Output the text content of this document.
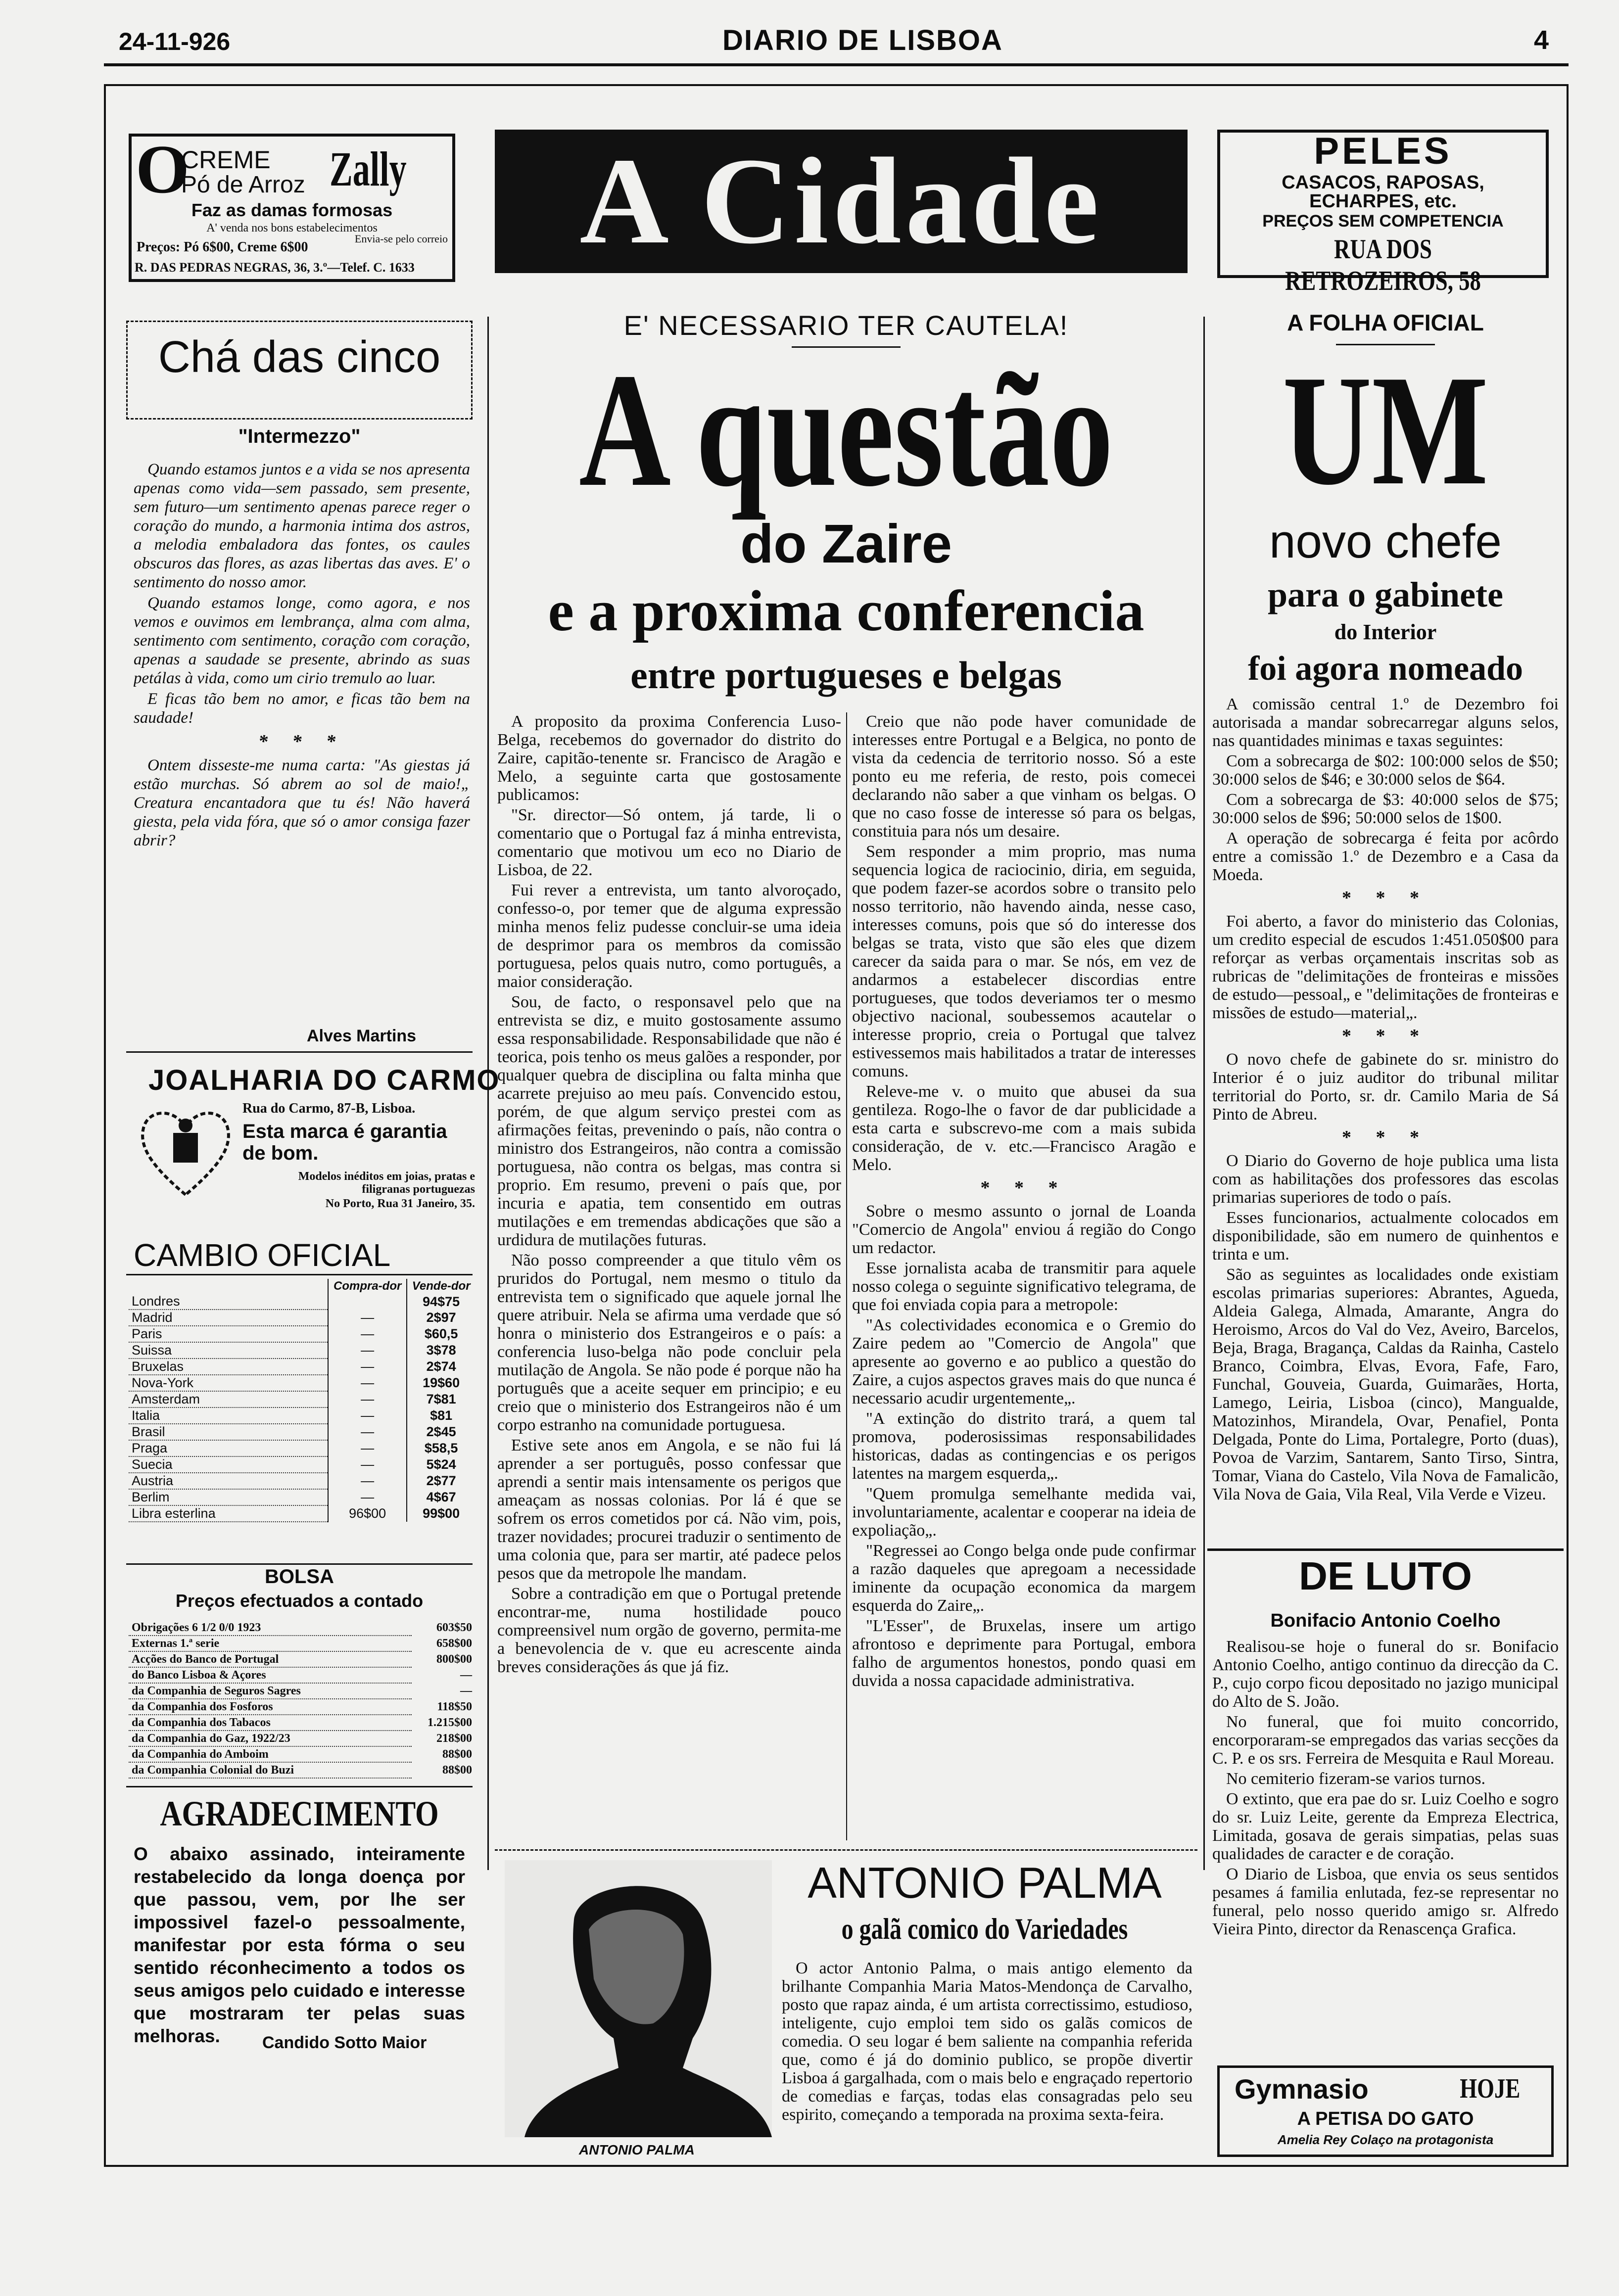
24-11-926	DIARIO DE LISBOA	4
O
CREME
Pó de Arroz Zally
Faz as damas formosas
A' venda nos bons estabelecimentos
Preços: Pó 6$00, Creme 6$00
Envia-se pelo correio
R. DAS PEDRAS NEGRAS, 36, 3.º—Telef. C. 1633	A Cidade	PELES
CASACOS, RAPOSAS,
ECHARPES, etc.
PREÇOS SEM COMPETENCIA
RUA DOS RETROZEIROS, 58
Chá das cinco
"Intermezzo"

Quando estamos juntos e a vida se nos apresenta apenas como vida—sem passado, sem presente, sem futuro—um sentimento apenas parece reger o coração do mundo, a harmonia intima dos astros, a melodia embaladora das fontes, os caules obscuros das flores, as azas libertas das aves. E' o sentimento do nosso amor.

Quando estamos longe, como agora, e nos vemos e ouvimos em lembrança, alma com alma, sentimento com sentimento, coração com coração, apenas a saudade se presente, abrindo as suas petálas à vida, como um cirio tremulo ao luar.

E ficas tão bem no amor, e ficas tão bem na saudade!

* * *

Ontem disseste-me numa carta: "As giestas já estão murchas. Só abrem ao sol de maio!„ Creatura encantadora que tu és! Não haverá giesta, pela vida fóra, que só o amor consiga fazer abrir?

Alves Martins
JOALHARIA DO CARMO
Rua do Carmo, 87-B, Lisboa.
Esta marca é garantia de bom.
Modelos inéditos em joias, pratas e filigranas portuguezas
No Porto, Rua 31 Janeiro, 35.
CAMBIO OFICIAL
	Compra-dor	Vende-dor
Londres		94$75
Madrid	—	2$97
Paris	—	$60,5
Suissa	—	3$78
Bruxelas	—	2$74
Nova-York	—	19$60
Amsterdam	—	7$81
Italia	—	$81
Brasil	—	2$45
Praga	—	$58,5
Suecia	—	5$24
Austria	—	2$77
Berlim	—	4$67
Libra esterlina	96$00	99$00
BOLSA
Preços efectuados a contado
Obrigações 6 1/2 0/0 1923	603$50
Externas 1.ª serie	658$00
Acções do Banco de Portugal	800$00
do Banco Lisboa & Açores	—
da Companhia de Seguros Sagres	—
da Companhia dos Fosforos	118$50
da Companhia dos Tabacos	1.215$00
da Companhia do Gaz, 1922/23	218$00
da Companhia do Amboim	88$00
da Companhia Colonial do Buzi	88$00
AGRADECIMENTO
O abaixo assinado, inteiramente restabelecido da longa doença por que passou, vem, por lhe ser impossivel fazel-o pessoalmente, manifestar por esta fórma o seu sentido réconhecimento a todos os seus amigos pelo cuidado e interesse que mostraram ter pelas suas melhoras.	Candido Sotto Maior
E' NECESSARIO TER CAUTELA!
A questão
do Zaire
e a proxima conferencia
entre portugueses e belgas

A proposito da proxima Conferencia Luso-Belga, recebemos do governador do distrito do Zaire, capitão-tenente sr. Francisco de Aragão e Melo, a seguinte carta que gostosamente publicamos:

"Sr. director—Só ontem, já tarde, li o comentario que o Portugal faz á minha entrevista, comentario que motivou um eco no Diario de Lisboa, de 22.

Fui rever a entrevista, um tanto alvoroçado, confesso-o, por temer que de alguma expressão minha menos feliz pudesse concluir-se uma ideia de desprimor para os membros da comissão portuguesa, pelos quais nutro, como português, a maior consideração.

Sou, de facto, o responsavel pelo que na entrevista se diz, e muito gostosamente assumo essa responsabilidade. Responsabilidade que não é teorica, pois tenho os meus galões a responder, por qualquer quebra de disciplina ou falta minha que acarrete prejuiso ao meu país. Convencido estou, porém, de que algum serviço prestei com as afirmações feitas, prevenindo o país, não contra o ministro dos Estrangeiros, não contra a comissão portuguesa, não contra os belgas, mas contra si proprio. Em resumo, preveni o país que, por incuria e apatia, tem consentido em outras mutilações e em tremendas abdicações que são a urdidura de mutilações futuras.

Não posso compreender a que titulo vêm os pruridos do Portugal, nem mesmo o titulo da entrevista tem o significado que aquele jornal lhe quere atribuir. Nela se afirma uma verdade que só honra o ministerio dos Estrangeiros e o país: a conferencia luso-belga não pode concluir pela mutilação de Angola. Se não pode é porque não ha português que a aceite sequer em principio; e eu creio que o ministerio dos Estrangeiros não é um corpo estranho na comunidade portuguesa.

Estive sete anos em Angola, e se não fui lá aprender a ser português, posso confessar que aprendi a sentir mais intensamente os perigos que ameaçam as nossas colonias. Por lá é que se sofrem os erros cometidos por cá. Não vim, pois, trazer novidades; procurei traduzir o sentimento de uma colonia que, para ser martir, até padece pelos pesos que da metropole lhe mandam.

Sobre a contradição em que o Portugal pretende encontrar-me, numa hostilidade pouco compreensivel num orgão de governo, permita-me a benevolencia de v. que eu acrescente ainda breves considerações ás que já fiz.

Creio que não pode haver comunidade de interesses entre Portugal e a Belgica, no ponto de vista da cedencia de territorio nosso. Só a este ponto eu me referia, de resto, pois comecei declarando não saber a que vinham os belgas. O que no caso fosse de interesse só para os belgas, constituia para nós um desaire.

Sem responder a mim proprio, mas numa sequencia logica de raciocinio, diria, em seguida, que podem fazer-se acordos sobre o transito pelo nosso territorio, não havendo ainda, nesse caso, interesses comuns, pois que só do interesse dos belgas se trata, visto que são eles que dizem carecer da saida para o mar. Se nós, em vez de andarmos a estabelecer discordias entre portugueses, que todos deveriamos ter o mesmo objectivo nacional, soubessemos acautelar o interesse proprio, creia o Portugal que talvez estivessemos mais habilitados a tratar de interesses comuns.

Releve-me v. o muito que abusei da sua gentileza. Rogo-lhe o favor de dar publicidade a esta carta e subscrevo-me com a mais subida consideração, de v. etc.—Francisco Aragão e Melo.

* * *

Sobre o mesmo assunto o jornal de Loanda "Comercio de Angola" enviou á região do Congo um redactor.

Esse jornalista acaba de transmitir para aquele nosso colega o seguinte significativo telegrama, de que foi enviada copia para a metropole:

"As colectividades economica e o Gremio do Zaire pedem ao "Comercio de Angola" que apresente ao governo e ao publico a questão do Zaire, a cujos aspectos graves mais do que nunca é necessario acudir urgentemente„.

"A extinção do distrito trará, a quem tal promova, poderosissimas responsabilidades historicas, dadas as contingencias e os perigos latentes na margem esquerda„.

"Quem promulga semelhante medida vai, involuntariamente, acalentar e cooperar na ideia de expoliação„.

"Regressei ao Congo belga onde pude confirmar a razão daqueles que apregoam a necessidade iminente da ocupação economica da margem esquerda do Zaire„.

"L'Esser", de Bruxelas, insere um artigo afrontoso e deprimente para Portugal, embora falho de argumentos honestos, pondo quasi em duvida a nossa capacidade administrativa.

ANTONIO PALMA
ANTONIO PALMA
o galã comico do Variedades
O actor Antonio Palma, o mais antigo elemento da brilhante Companhia Maria Matos-Mendonça de Carvalho, posto que rapaz ainda, é um artista correctissimo, estudioso, inteligente, cujo emploi tem sido os galãs comicos de comedia. O seu logar é bem saliente na companhia referida que, como é já do dominio publico, se propõe divertir Lisboa á gargalhada, com o mais belo e engraçado repertorio de comedias e farças, todas elas consagradas pelo seu espirito, começando a temporada na proxima sexta-feira.
A FOLHA OFICIAL
UM
novo chefe
para o gabinete
do Interior
foi agora nomeado

A comissão central 1.º de Dezembro foi autorisada a mandar sobrecarregar alguns selos, nas quantidades minimas e taxas seguintes:

Com a sobrecarga de $02: 100:000 selos de $50; 30:000 selos de $46; e 30:000 selos de $64.

Com a sobrecarga de $3: 40:000 selos de $75; 30:000 selos de $96; 50:000 selos de 1$00.

A operação de sobrecarga é feita por acôrdo entre a comissão 1.º de Dezembro e a Casa da Moeda.

* * *

Foi aberto, a favor do ministerio das Colonias, um credito especial de escudos 1:451.050$00 para reforçar as verbas orçamentais inscritas sob as rubricas de "delimitações de fronteiras e missões de estudo—pessoal„ e "delimitações de fronteiras e missões de estudo—material„.

* * *

O novo chefe de gabinete do sr. ministro do Interior é o juiz auditor do tribunal militar territorial do Porto, sr. dr. Camilo Maria de Sá Pinto de Abreu.

* * *

O Diario do Governo de hoje publica uma lista com as habilitações dos professores das escolas primarias superiores de todo o país.

Esses funcionarios, actualmente colocados em disponibilidade, são em numero de quinhentos e trinta e um.

São as seguintes as localidades onde existiam escolas primarias superiores: Abrantes, Agueda, Aldeia Galega, Almada, Amarante, Angra do Heroismo, Arcos do Val do Vez, Aveiro, Barcelos, Beja, Braga, Bragança, Caldas da Rainha, Castelo Branco, Coimbra, Elvas, Evora, Fafe, Faro, Funchal, Gouveia, Guarda, Guimarães, Horta, Lamego, Leiria, Lisboa (cinco), Mangualde, Matozinhos, Mirandela, Ovar, Penafiel, Ponta Delgada, Ponte do Lima, Portalegre, Porto (duas), Povoa de Varzim, Santarem, Santo Tirso, Sintra, Tomar, Viana do Castelo, Vila Nova de Famalicão, Vila Nova de Gaia, Vila Real, Vila Verde e Vizeu.

DE LUTO
Bonifacio Antonio Coelho

Realisou-se hoje o funeral do sr. Bonifacio Antonio Coelho, antigo continuo da direcção da C. P., cujo corpo ficou depositado no jazigo municipal do Alto de S. João.

No funeral, que foi muito concorrido, encorporaram-se empregados das varias secções da C. P. e os srs. Ferreira de Mesquita e Raul Moreau.

No cemiterio fizeram-se varios turnos.

O extinto, que era pae do sr. Luiz Coelho e sogro do sr. Luiz Leite, gerente da Empreza Electrica, Limitada, gosava de gerais simpatias, pelas suas qualidades de caracter e de coração.

O Diario de Lisboa, que envia os seus sentidos pesames á familia enlutada, fez-se representar no funeral, pelo nosso querido amigo sr. Alfredo Vieira Pinto, director da Renascença Grafica.

Gymnasio	HOJE
A PETISA DO GATO
Amelia Rey Colaço na protagonista
